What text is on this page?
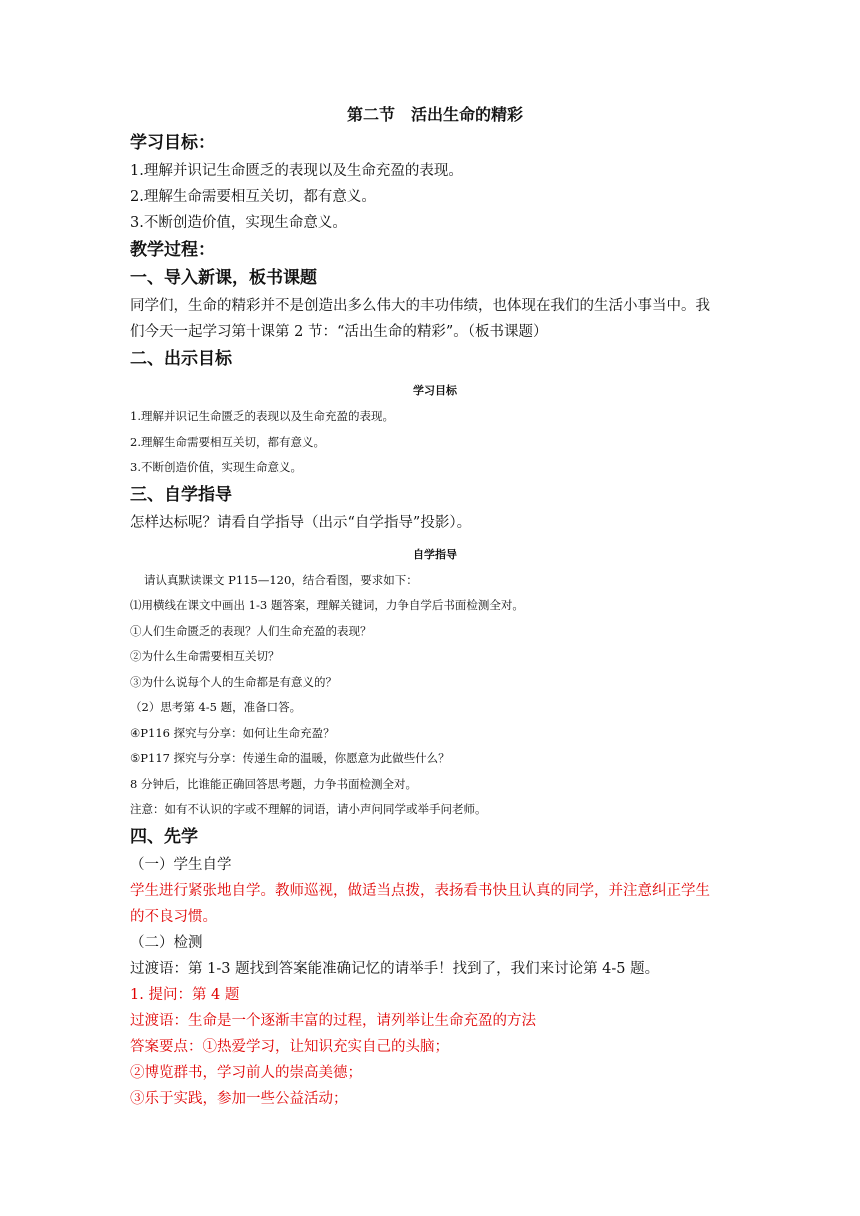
第二节　活出生命的精彩
学习目标：
1.理解并识记生命匮乏的表现以及生命充盈的表现。
2.理解生命需要相互关切，都有意义。
3.不断创造价值，实现生命意义。
教学过程：
一、导入新课，板书课题
同学们，生命的精彩并不是创造出多么伟大的丰功伟绩，也体现在我们的生活小事当中。我
们今天一起学习第十课第 2 节：“活出生命的精彩”。（板书课题）
二、出示目标
学习目标
1.理解并识记生命匮乏的表现以及生命充盈的表现。
2.理解生命需要相互关切，都有意义。
3.不断创造价值，实现生命意义。
三、自学指导
怎样达标呢？请看自学指导（出示“自学指导”投影）。
自学指导
请认真默读课文 P115—120，结合看图，要求如下：
⑴用横线在课文中画出 1-3 题答案，理解关键词，力争自学后书面检测全对。
①人们生命匮乏的表现？人们生命充盈的表现？
②为什么生命需要相互关切？
③为什么说每个人的生命都是有意义的？
（2）思考第 4-5 题，准备口答。
④P116 探究与分享：如何让生命充盈？
⑤P117 探究与分享：传递生命的温暖，你愿意为此做些什么？
8 分钟后，比谁能正确回答思考题，力争书面检测全对。
注意：如有不认识的字或不理解的词语，请小声问同学或举手问老师。
四、先学
（一）学生自学
学生进行紧张地自学。教师巡视，做适当点拨，表扬看书快且认真的同学，并注意纠正学生
的不良习惯。
（二）检测
过渡语：第 1-3 题找到答案能准确记忆的请举手！找到了，我们来讨论第 4-5 题。
1. 提问：第 4 题
过渡语：生命是一个逐渐丰富的过程，请列举让生命充盈的方法
答案要点：①热爱学习，让知识充实自己的头脑；
②博览群书，学习前人的崇高美德；
③乐于实践，参加一些公益活动；
